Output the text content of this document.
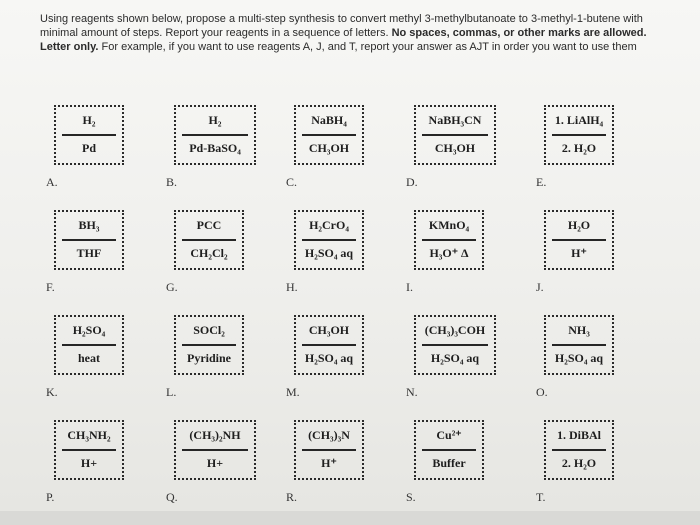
Using reagents shown below, propose a multi-step synthesis to convert methyl 3-methylbutanoate to 3-methyl-1-butene with minimal amount of steps. Report your reagents in a sequence of letters. No spaces, commas, or other marks are allowed. Letter only. For example, if you want to use reagents A, J, and T, report your answer as AJT in order you want to use them
H₂
Pd
A.
H₂
Pd-BaSO₄
B.
NaBH₄
CH₃OH
C.
NaBH₃CN
CH₃OH
D.
1. LiAlH₄
2. H₂O
E.
BH₃
THF
F.
PCC
CH₂Cl₂
G.
H₂CrO₄
H₂SO₄ aq
H.
KMnO₄
H₃O⁺ Δ
I.
H₂O
H⁺
J.
H₂SO₄
heat
K.
SOCl₂
Pyridine
L.
CH₃OH
H₂SO₄ aq
M.
(CH₃)₃COH
H₂SO₄ aq
N.
NH₃
H₂SO₄ aq
O.
CH₃NH₂
H+
P.
(CH₃)₂NH
H+
Q.
(CH₃)₃N
H⁺
R.
Cu²⁺
Buffer
S.
1. DiBAl
2. H₂O
T.
